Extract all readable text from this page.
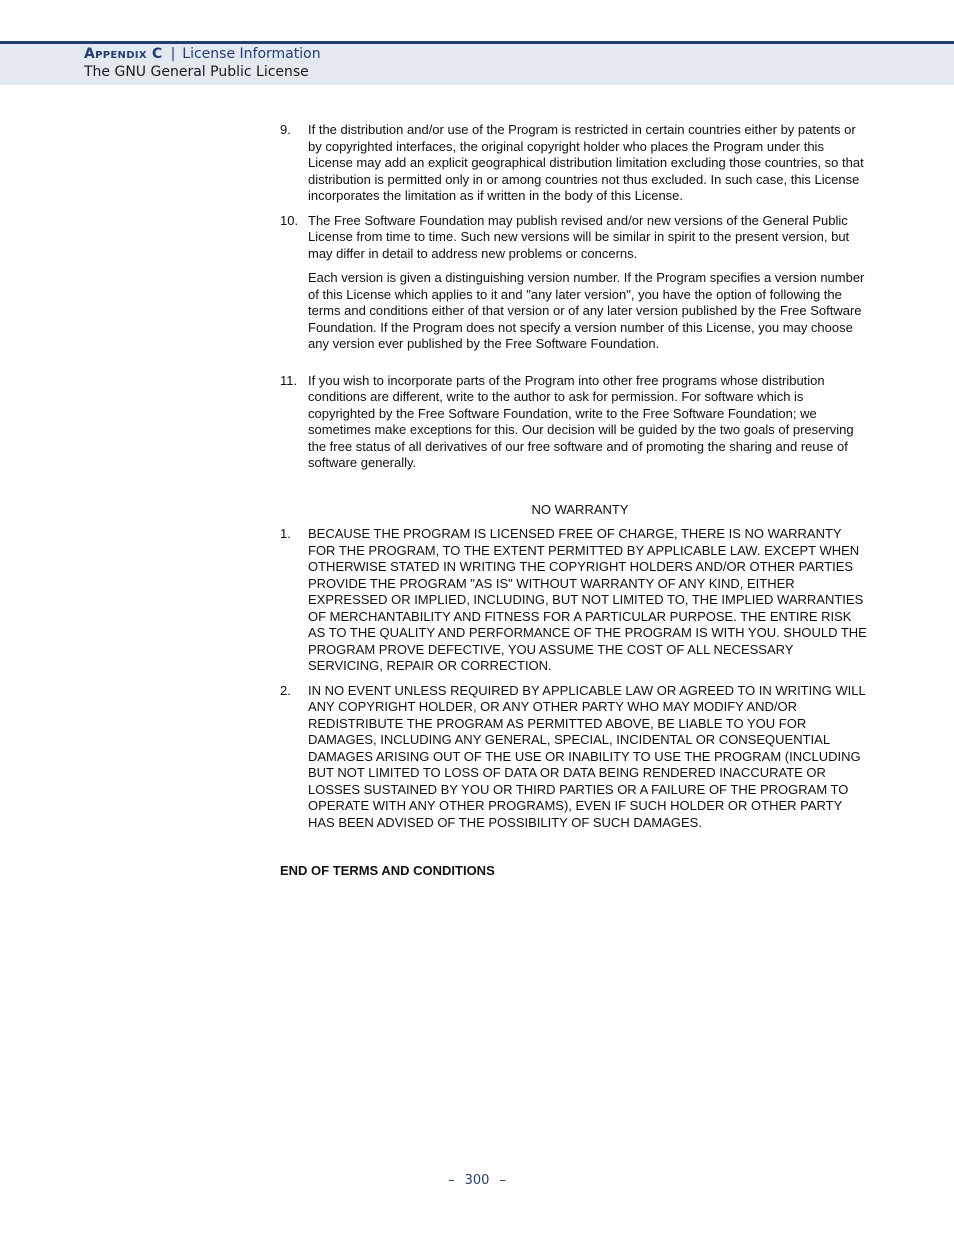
Appendix C | License Information
The GNU General Public License
9. If the distribution and/or use of the Program is restricted in certain countries either by patents or by copyrighted interfaces, the original copyright holder who places the Program under this License may add an explicit geographical distribution limitation excluding those countries, so that distribution is permitted only in or among countries not thus excluded. In such case, this License incorporates the limitation as if written in the body of this License.

10. The Free Software Foundation may publish revised and/or new versions of the General Public License from time to time. Such new versions will be similar in spirit to the present version, but may differ in detail to address new problems or concerns.

Each version is given a distinguishing version number. If the Program specifies a version number of this License which applies to it and "any later version", you have the option of following the terms and conditions either of that version or of any later version published by the Free Software Foundation. If the Program does not specify a version number of this License, you may choose any version ever published by the Free Software Foundation.

11. If you wish to incorporate parts of the Program into other free programs whose distribution conditions are different, write to the author to ask for permission. For software which is copyrighted by the Free Software Foundation, write to the Free Software Foundation; we sometimes make exceptions for this. Our decision will be guided by the two goals of preserving the free status of all derivatives of our free software and of promoting the sharing and reuse of software generally.

NO WARRANTY
1. BECAUSE THE PROGRAM IS LICENSED FREE OF CHARGE, THERE IS NO WARRANTY FOR THE PROGRAM, TO THE EXTENT PERMITTED BY APPLICABLE LAW. EXCEPT WHEN OTHERWISE STATED IN WRITING THE COPYRIGHT HOLDERS AND/OR OTHER PARTIES PROVIDE THE PROGRAM "AS IS" WITHOUT WARRANTY OF ANY KIND, EITHER EXPRESSED OR IMPLIED, INCLUDING, BUT NOT LIMITED TO, THE IMPLIED WARRANTIES OF MERCHANTABILITY AND FITNESS FOR A PARTICULAR PURPOSE. THE ENTIRE RISK AS TO THE QUALITY AND PERFORMANCE OF THE PROGRAM IS WITH YOU. SHOULD THE PROGRAM PROVE DEFECTIVE, YOU ASSUME THE COST OF ALL NECESSARY SERVICING, REPAIR OR CORRECTION.

2. IN NO EVENT UNLESS REQUIRED BY APPLICABLE LAW OR AGREED TO IN WRITING WILL ANY COPYRIGHT HOLDER, OR ANY OTHER PARTY WHO MAY MODIFY AND/OR REDISTRIBUTE THE PROGRAM AS PERMITTED ABOVE, BE LIABLE TO YOU FOR DAMAGES, INCLUDING ANY GENERAL, SPECIAL, INCIDENTAL OR CONSEQUENTIAL DAMAGES ARISING OUT OF THE USE OR INABILITY TO USE THE PROGRAM (INCLUDING BUT NOT LIMITED TO LOSS OF DATA OR DATA BEING RENDERED INACCURATE OR LOSSES SUSTAINED BY YOU OR THIRD PARTIES OR A FAILURE OF THE PROGRAM TO OPERATE WITH ANY OTHER PROGRAMS), EVEN IF SUCH HOLDER OR OTHER PARTY HAS BEEN ADVISED OF THE POSSIBILITY OF SUCH DAMAGES.

END OF TERMS AND CONDITIONS
– 300 –
